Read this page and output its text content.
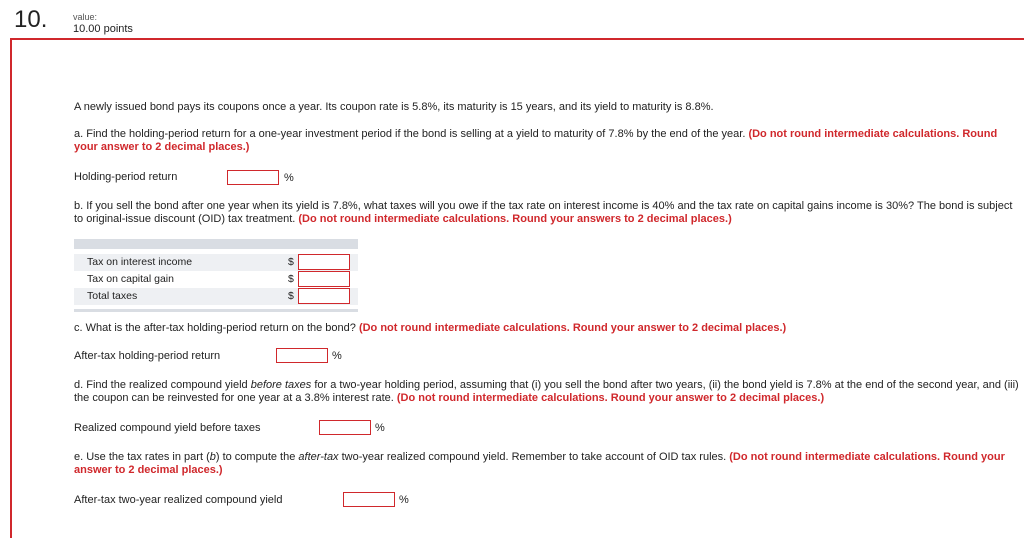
10.	value:
10.00 points
A newly issued bond pays its coupons once a year. Its coupon rate is 5.8%, its maturity is 15 years, and its yield to maturity is 8.8%.
a. Find the holding-period return for a one-year investment period if the bond is selling at a yield to maturity of 7.8% by the end of the year. (Do not round intermediate calculations. Round your answer to 2 decimal places.)
Holding-period return	%
b. If you sell the bond after one year when its yield is 7.8%, what taxes will you owe if the tax rate on interest income is 40% and the tax rate on capital gains income is 30%? The bond is subject to original-issue discount (OID) tax treatment. (Do not round intermediate calculations. Round your answers to 2 decimal places.)
Tax on interest income	$
Tax on capital gain	$
Total taxes	$
c. What is the after-tax holding-period return on the bond? (Do not round intermediate calculations. Round your answer to 2 decimal places.)
After-tax holding-period return	%
d. Find the realized compound yield before taxes for a two-year holding period, assuming that (i) you sell the bond after two years, (ii) the bond yield is 7.8% at the end of the second year, and (iii) the coupon can be reinvested for one year at a 3.8% interest rate. (Do not round intermediate calculations. Round your answer to 2 decimal places.)
Realized compound yield before taxes	%
e. Use the tax rates in part (b) to compute the after-tax two-year realized compound yield. Remember to take account of OID tax rules. (Do not round intermediate calculations. Round your answer to 2 decimal places.)
After-tax two-year realized compound yield	%
